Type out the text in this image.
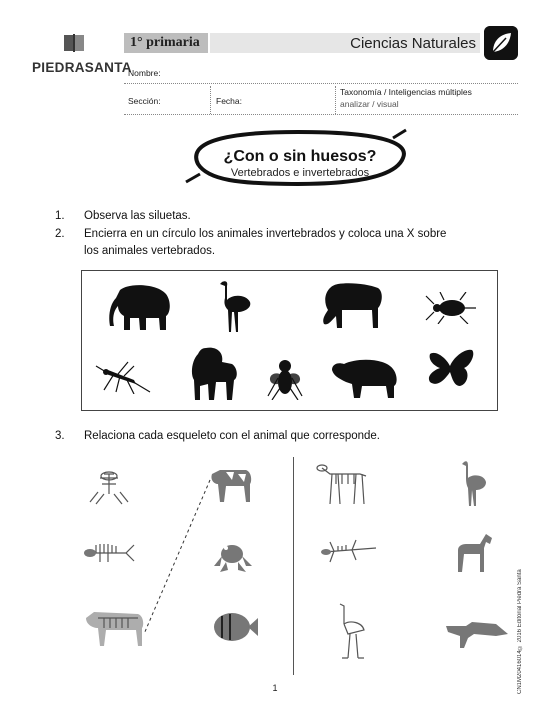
PIEDRASANTA
1° primaria	Ciencias Naturales
Nombre:
Sección:	Fecha:
Taxonomía / Inteligencias múltiples
analizar / visual
¿Con o sin huesos?
Vertebrados e invertebrados
1. Observa las siluetas.
2. Encierra en un círculo los animales invertebrados y coloca una X sobre
los animales vertebrados.
3. Relaciona cada esqueleto con el animal que corresponde.
© 2016 Editorial Piedra Santa
CN1M20416014
1
